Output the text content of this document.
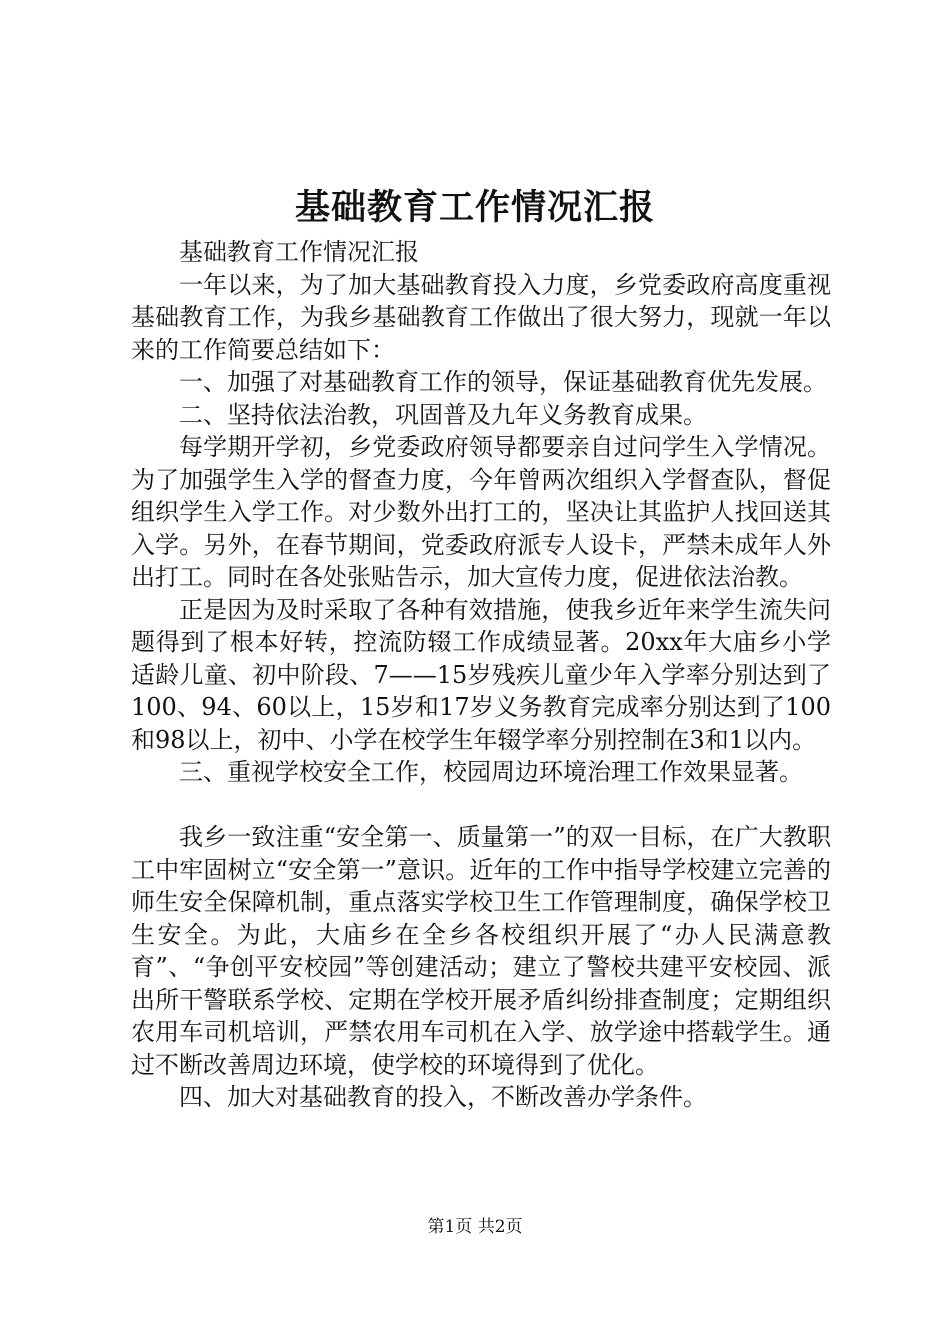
基础教育工作情况汇报

基础教育工作情况汇报

一年以来，为了加大基础教育投入力度，乡党委政府高度重视基础教育工作，为我乡基础教育工作做出了很大努力，现就一年以来的工作简要总结如下：

一、加强了对基础教育工作的领导，保证基础教育优先发展。

二、坚持依法治教，巩固普及九年义务教育成果。

每学期开学初，乡党委政府领导都要亲自过问学生入学情况。为了加强学生入学的督查力度，今年曾两次组织入学督查队，督促组织学生入学工作。对少数外出打工的，坚决让其监护人找回送其入学。另外，在春节期间，党委政府派专人设卡，严禁未成年人外出打工。同时在各处张贴告示，加大宣传力度，促进依法治教。

正是因为及时采取了各种有效措施，使我乡近年来学生流失问题得到了根本好转，控流防辍工作成绩显著。20xx年大庙乡小学适龄儿童、初中阶段、7——15岁残疾儿童少年入学率分别达到了100、94、60以上，15岁和17岁义务教育完成率分别达到了100和98以上，初中、小学在校学生年辍学率分别控制在3和1以内。

三、重视学校安全工作，校园周边环境治理工作效果显著。

我乡一致注重“安全第一、质量第一”的双一目标，在广大教职工中牢固树立“安全第一”意识。近年的工作中指导学校建立完善的师生安全保障机制，重点落实学校卫生工作管理制度，确保学校卫生安全。为此，大庙乡在全乡各校组织开展了“办人民满意教育”、“争创平安校园”等创建活动；建立了警校共建平安校园、派出所干警联系学校、定期在学校开展矛盾纠纷排查制度；定期组织农用车司机培训，严禁农用车司机在入学、放学途中搭载学生。通过不断改善周边环境，使学校的环境得到了优化。

四、加大对基础教育的投入，不断改善办学条件。

第1页 共2页
